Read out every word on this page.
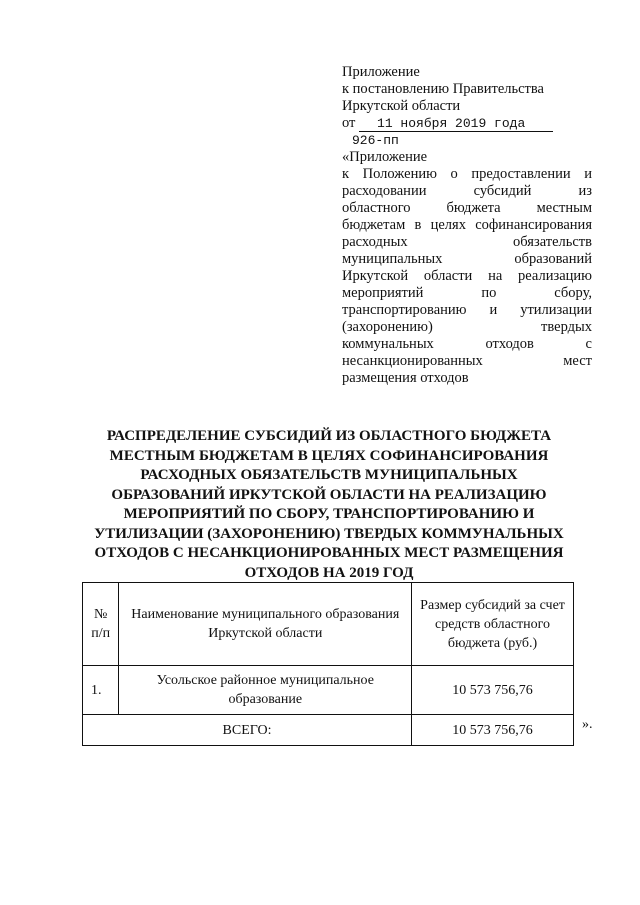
Приложение
к постановлению Правительства
Иркутской области
от 11 ноября 2019 года
926-пп
«Приложение
к Положению о предоставлении и
расходовании субсидий из
областного бюджета местным
бюджетам в целях софинансирования
расходных обязательств
муниципальных образований
Иркутской области на реализацию
мероприятий по сбору,
транспортированию и утилизации
(захоронению) твердых
коммунальных отходов с
несанкционированных мест
размещения отходов
РАСПРЕДЕЛЕНИЕ СУБСИДИЙ ИЗ ОБЛАСТНОГО БЮДЖЕТА
МЕСТНЫМ БЮДЖЕТАМ В ЦЕЛЯХ СОФИНАНСИРОВАНИЯ
РАСХОДНЫХ ОБЯЗАТЕЛЬСТВ МУНИЦИПАЛЬНЫХ
ОБРАЗОВАНИЙ ИРКУТСКОЙ ОБЛАСТИ НА РЕАЛИЗАЦИЮ
МЕРОПРИЯТИЙ ПО СБОРУ, ТРАНСПОРТИРОВАНИЮ И
УТИЛИЗАЦИИ (ЗАХОРОНЕНИЮ) ТВЕРДЫХ КОММУНАЛЬНЫХ
ОТХОДОВ С НЕСАНКЦИОНИРОВАННЫХ МЕСТ РАЗМЕЩЕНИЯ
ОТХОДОВ НА 2019 ГОД
№
п/п	Наименование муниципального образования Иркутской области	Размер субсидий за счет средств областного бюджета (руб.)
1.	Усольское районное муниципальное образование	10 573 756,76
ВСЕГО:		10 573 756,76	».
